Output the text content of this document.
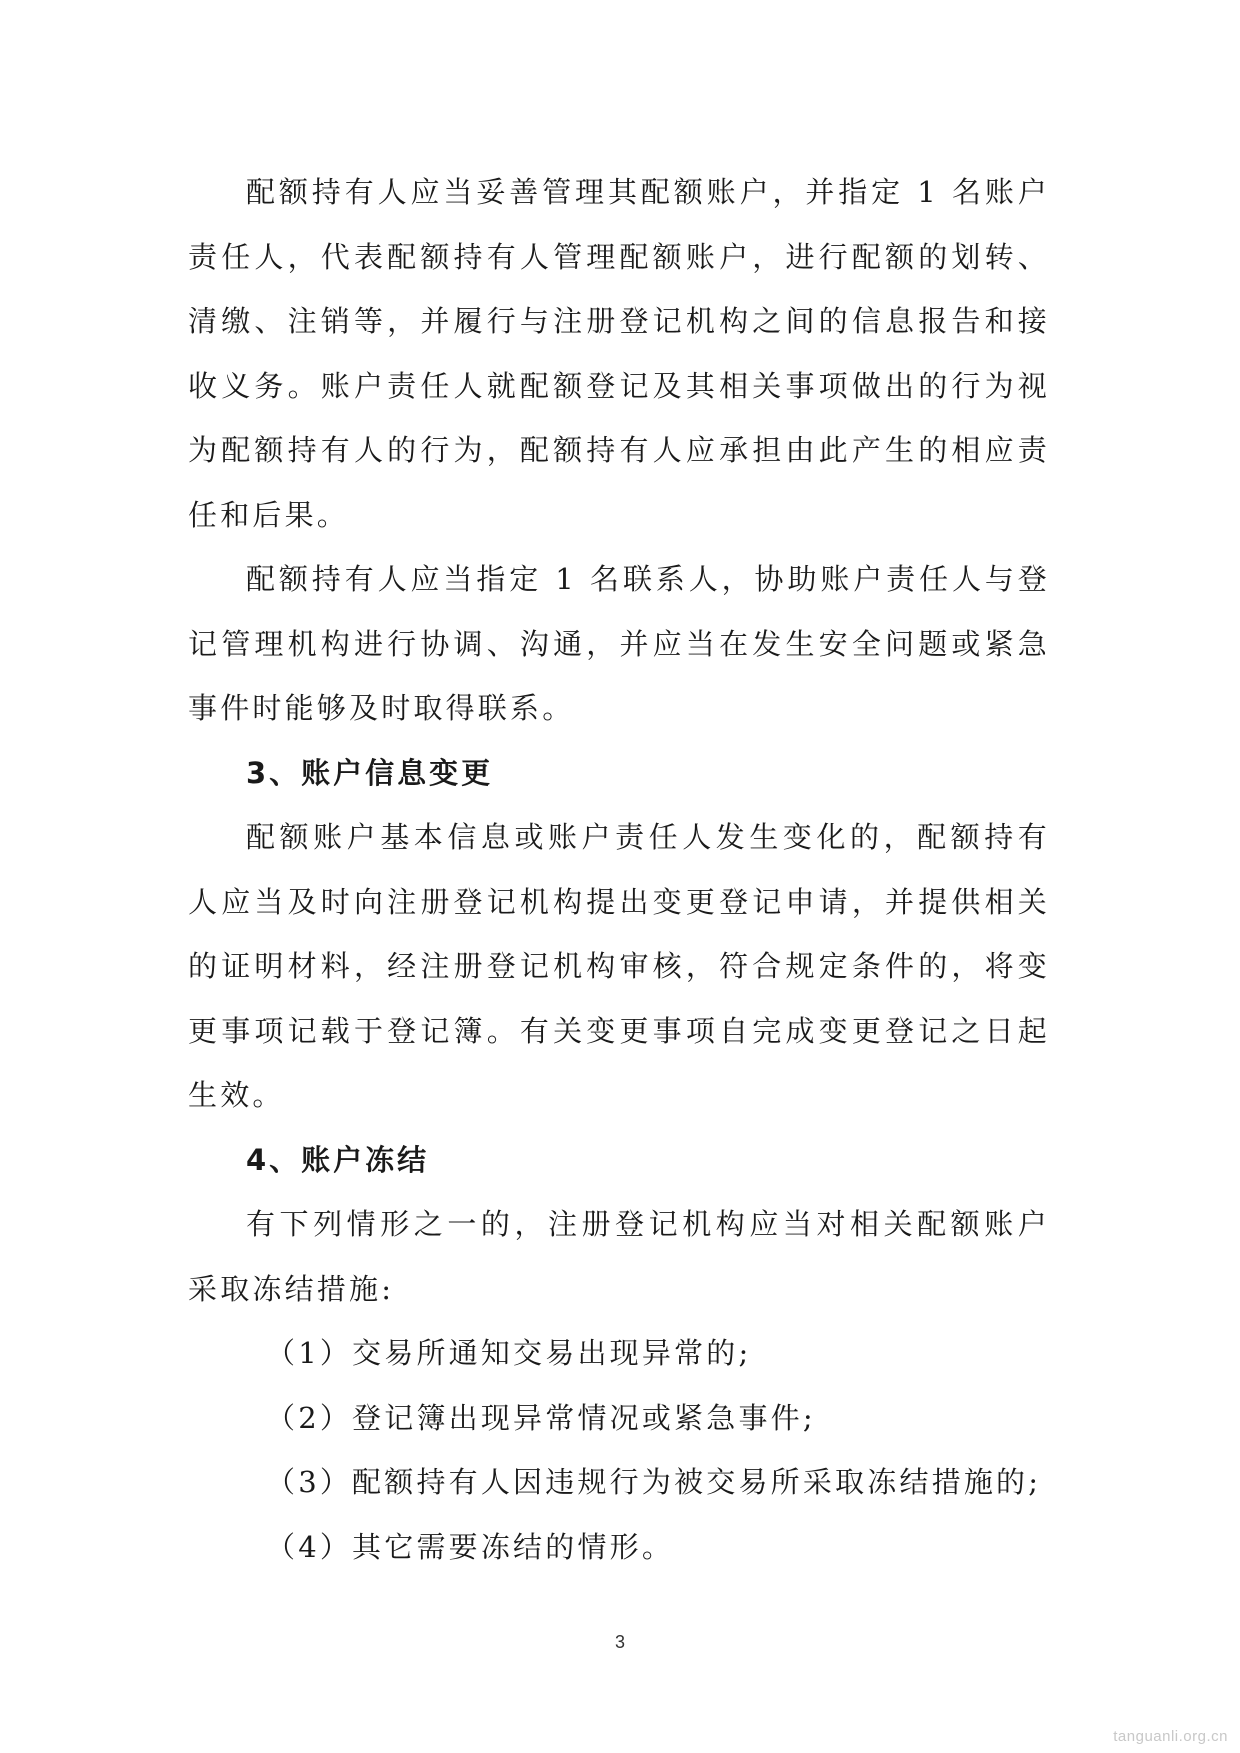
配额持有人应当妥善管理其配额账户，并指定 1 名账户责任人，代表配额持有人管理配额账户，进行配额的划转、清缴、注销等，并履行与注册登记机构之间的信息报告和接收义务。账户责任人就配额登记及其相关事项做出的行为视为配额持有人的行为，配额持有人应承担由此产生的相应责任和后果。

配额持有人应当指定 1 名联系人，协助账户责任人与登记管理机构进行协调、沟通，并应当在发生安全问题或紧急事件时能够及时取得联系。

3、账户信息变更

配额账户基本信息或账户责任人发生变化的，配额持有人应当及时向注册登记机构提出变更登记申请，并提供相关的证明材料，经注册登记机构审核，符合规定条件的，将变更事项记载于登记簿。有关变更事项自完成变更登记之日起生效。

4、账户冻结

有下列情形之一的，注册登记机构应当对相关配额账户采取冻结措施:

（1）交易所通知交易出现异常的;

（2）登记簿出现异常情况或紧急事件;

（3）配额持有人因违规行为被交易所采取冻结措施的;

（4）其它需要冻结的情形。

3
tanguanli.org.cn
